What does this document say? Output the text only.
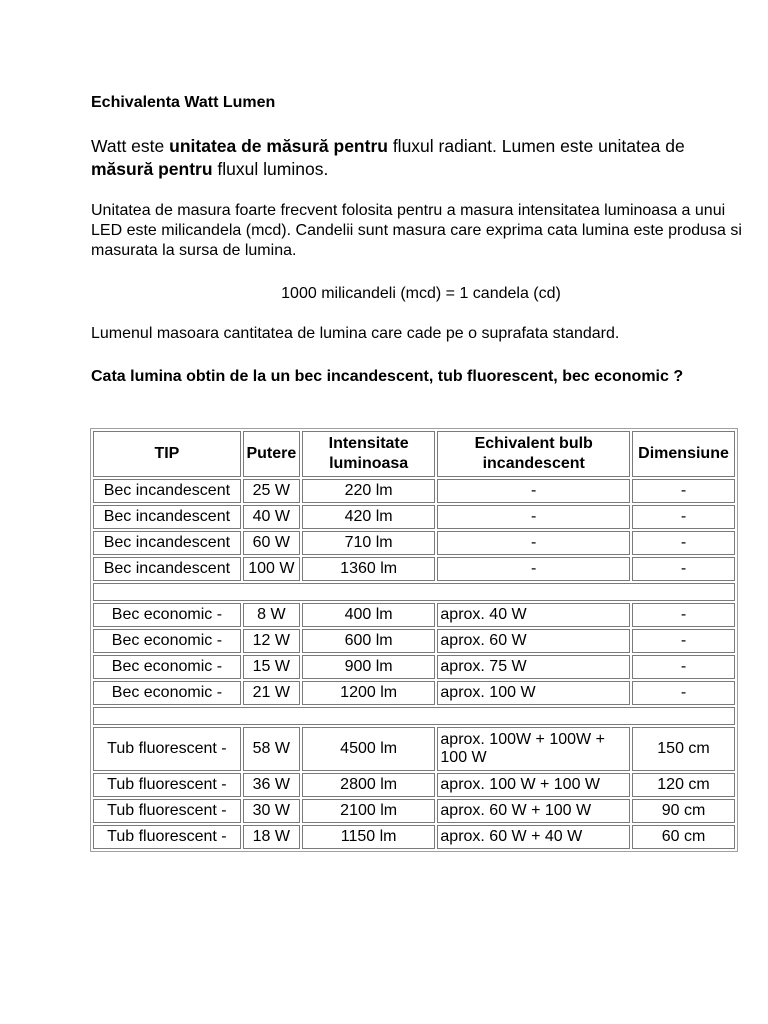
Echivalenta Watt Lumen

Watt este unitatea de măsură pentru fluxul radiant. Lumen este unitatea de măsură pentru fluxul luminos.

Unitatea de masura foarte frecvent folosita pentru a masura intensitatea luminoasa a unui LED este milicandela (mcd). Candelii sunt masura care exprima cata lumina este produsa si masurata la sursa de lumina.

1000 milicandeli (mcd) = 1 candela (cd)

Lumenul masoara cantitatea de lumina care cade pe o suprafata standard.

Cata lumina obtin de la un bec incandescent, tub fluorescent, bec economic ?

TIP	Putere	Intensitate luminoasa	Echivalent bulb incandescent	Dimensiune
Bec incandescent	25 W	220 lm	-	-
Bec incandescent	40 W	420 lm	-	-
Bec incandescent	60 W	710 lm	-	-
Bec incandescent	100 W	1360 lm	-	-

Bec economic -	8 W	400 lm	aprox. 40 W	-
Bec economic -	12 W	600 lm	aprox. 60 W	-
Bec economic -	15 W	900 lm	aprox. 75 W	-
Bec economic -	21 W	1200 lm	aprox. 100 W	-

Tub fluorescent -	58 W	4500 lm	aprox. 100W + 100W + 100 W	150 cm
Tub fluorescent -	36 W	2800 lm	aprox. 100 W + 100 W	120 cm
Tub fluorescent -	30 W	2100 lm	aprox. 60 W + 100 W	90 cm
Tub fluorescent -	18 W	1150 lm	aprox. 60 W + 40 W	60 cm
